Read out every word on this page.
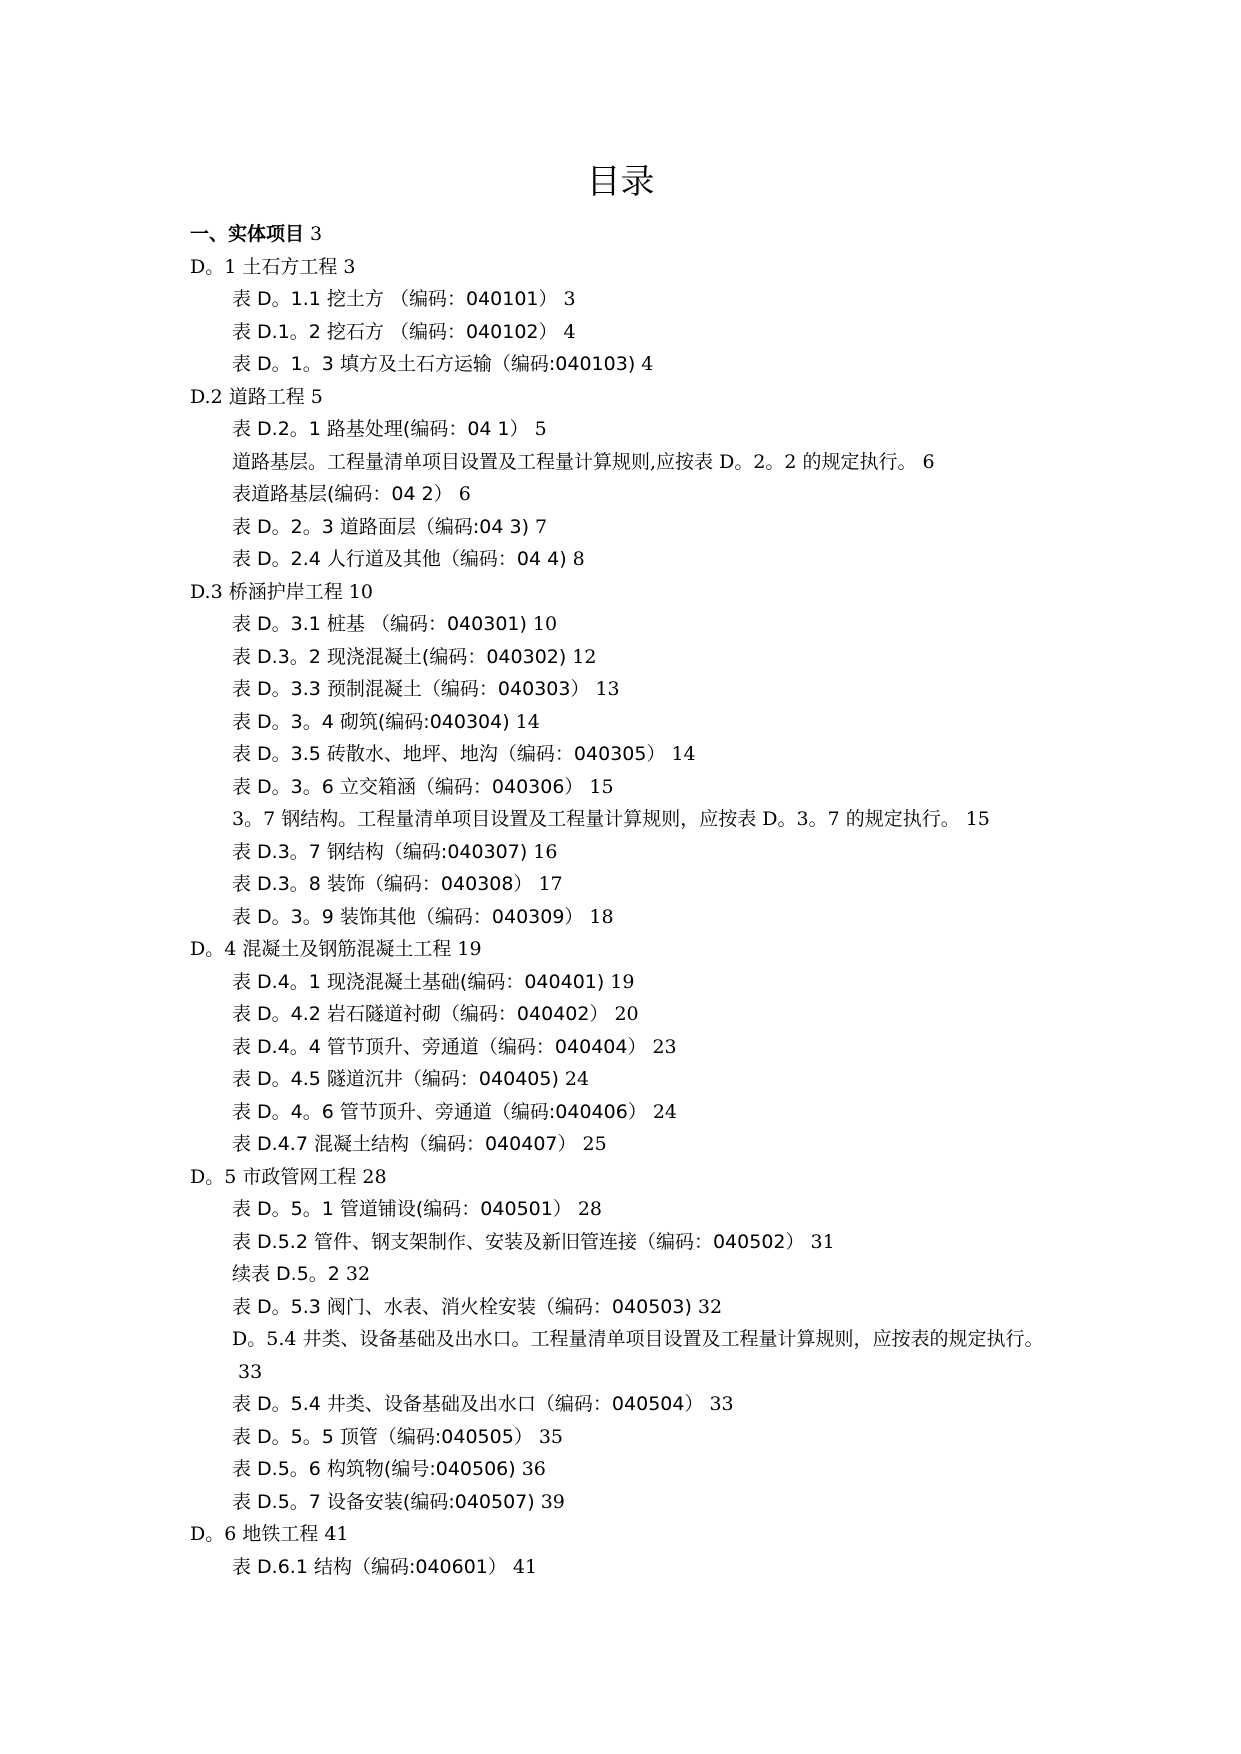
目录
一、实体项目 3
D。1 土石方工程 3
表 D。1.1 挖土方 （编码：040101） 3
表 D.1。2 挖石方 （编码：040102） 4
表 D。1。3 填方及土石方运输（编码:040103) 4
D.2 道路工程 5
表 D.2。1 路基处理(编码：04 1） 5
道路基层。工程量清单项目设置及工程量计算规则,应按表 D。2。2 的规定执行。 6
表道路基层(编码：04 2） 6
表 D。2。3 道路面层（编码:04 3) 7
表 D。2.4 人行道及其他（编码：04 4) 8
D.3 桥涵护岸工程 10
表 D。3.1 桩基 （编码：040301) 10
表 D.3。2 现浇混凝土(编码：040302) 12
表 D。3.3 预制混凝土（编码：040303） 13
表 D。3。4 砌筑(编码:040304) 14
表 D。3.5 砖散水、地坪、地沟（编码：040305） 14
表 D。3。6 立交箱涵（编码：040306） 15
3。7 钢结构。工程量清单项目设置及工程量计算规则，应按表 D。3。7 的规定执行。 15
表 D.3。7 钢结构（编码:040307) 16
表 D.3。8 装饰（编码：040308） 17
表 D。3。9 装饰其他（编码：040309） 18
D。4 混凝土及钢筋混凝土工程 19
表 D.4。1 现浇混凝土基础(编码：040401) 19
表 D。4.2 岩石隧道衬砌（编码：040402） 20
表 D.4。4 管节顶升、旁通道（编码：040404） 23
表 D。4.5 隧道沉井（编码：040405) 24
表 D。4。6 管节顶升、旁通道（编码:040406） 24
表 D.4.7 混凝土结构（编码：040407） 25
D。5 市政管网工程 28
表 D。5。1 管道铺设(编码：040501） 28
表 D.5.2 管件、钢支架制作、安装及新旧管连接（编码：040502） 31
续表 D.5。2 32
表 D。5.3 阀门、水表、消火栓安装（编码：040503) 32
D。5.4 井类、设备基础及出水口。工程量清单项目设置及工程量计算规则，应按表的规定执行。33
表 D。5.4 井类、设备基础及出水口（编码：040504） 33
表 D。5。5 顶管（编码:040505） 35
表 D.5。6 构筑物(编号:040506) 36
表 D.5。7 设备安装(编码:040507) 39
D。6 地铁工程 41
表 D.6.1 结构（编码:040601） 41
